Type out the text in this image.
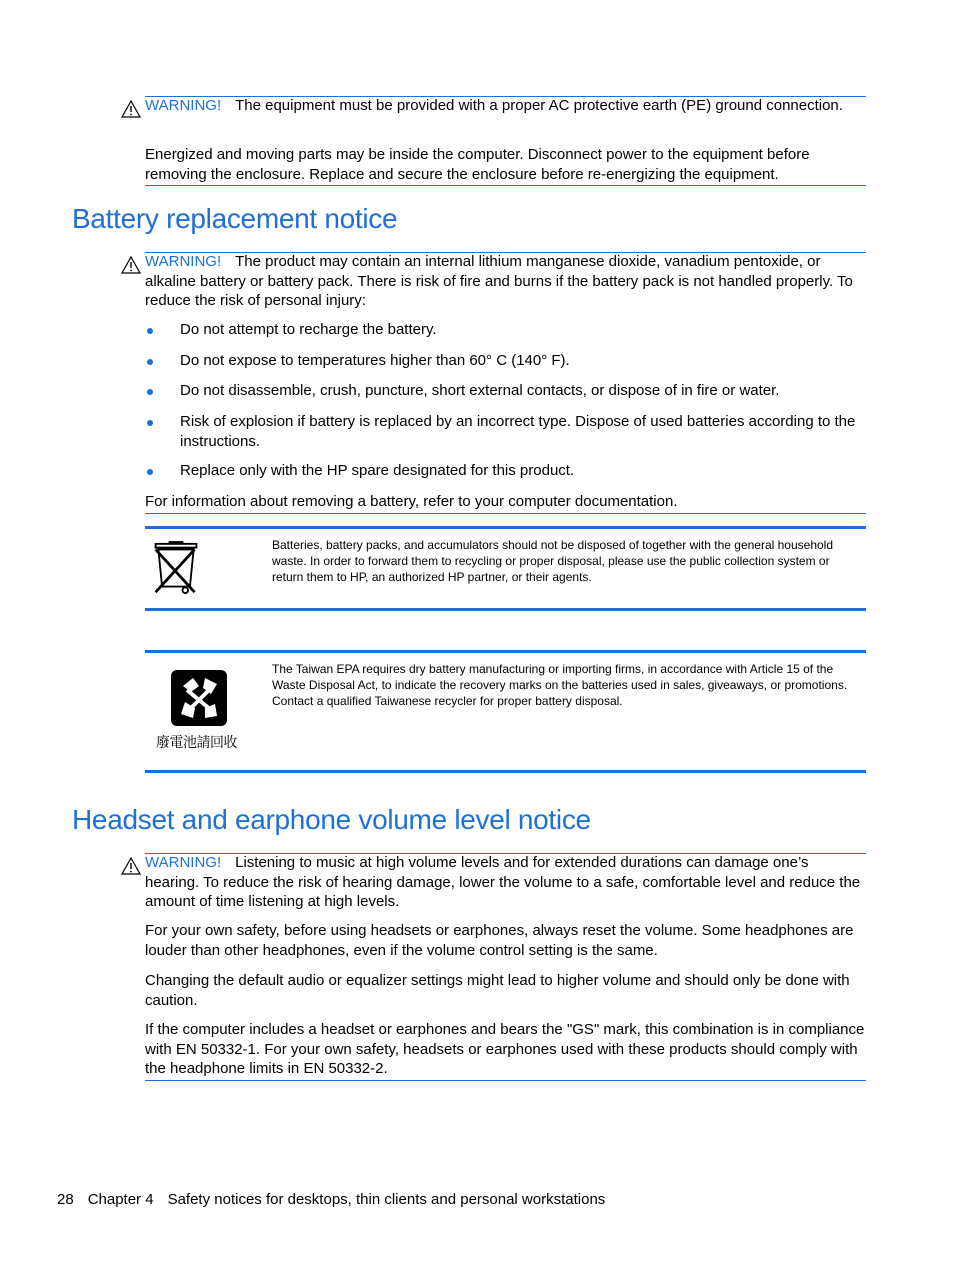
WARNING! The equipment must be provided with a proper AC protective earth (PE) ground connection.

Energized and moving parts may be inside the computer. Disconnect power to the equipment before removing the enclosure. Replace and secure the enclosure before re-energizing the equipment.

Battery replacement notice

WARNING! The product may contain an internal lithium manganese dioxide, vanadium pentoxide, or alkaline battery or battery pack. There is risk of fire and burns if the battery pack is not handled properly. To reduce the risk of personal injury:

Do not attempt to recharge the battery.
Do not expose to temperatures higher than 60° C (140° F).
Do not disassemble, crush, puncture, short external contacts, or dispose of in fire or water.
Risk of explosion if battery is replaced by an incorrect type. Dispose of used batteries according to the instructions.
Replace only with the HP spare designated for this product.

For information about removing a battery, refer to your computer documentation.

Batteries, battery packs, and accumulators should not be disposed of together with the general household waste. In order to forward them to recycling or proper disposal, please use the public collection system or return them to HP, an authorized HP partner, or their agents.

廢電池請回收

The Taiwan EPA requires dry battery manufacturing or importing firms, in accordance with Article 15 of the Waste Disposal Act, to indicate the recovery marks on the batteries used in sales, giveaways, or promotions. Contact a qualified Taiwanese recycler for proper battery disposal.

Headset and earphone volume level notice

WARNING! Listening to music at high volume levels and for extended durations can damage one’s hearing. To reduce the risk of hearing damage, lower the volume to a safe, comfortable level and reduce the amount of time listening at high levels.

For your own safety, before using headsets or earphones, always reset the volume. Some headphones are louder than other headphones, even if the volume control setting is the same.

Changing the default audio or equalizer settings might lead to higher volume and should only be done with caution.

If the computer includes a headset or earphones and bears the "GS" mark, this combination is in compliance with EN 50332-1. For your own safety, headsets or earphones used with these products should comply with the headphone limits in EN 50332-2.

28 Chapter 4 Safety notices for desktops, thin clients and personal workstations
